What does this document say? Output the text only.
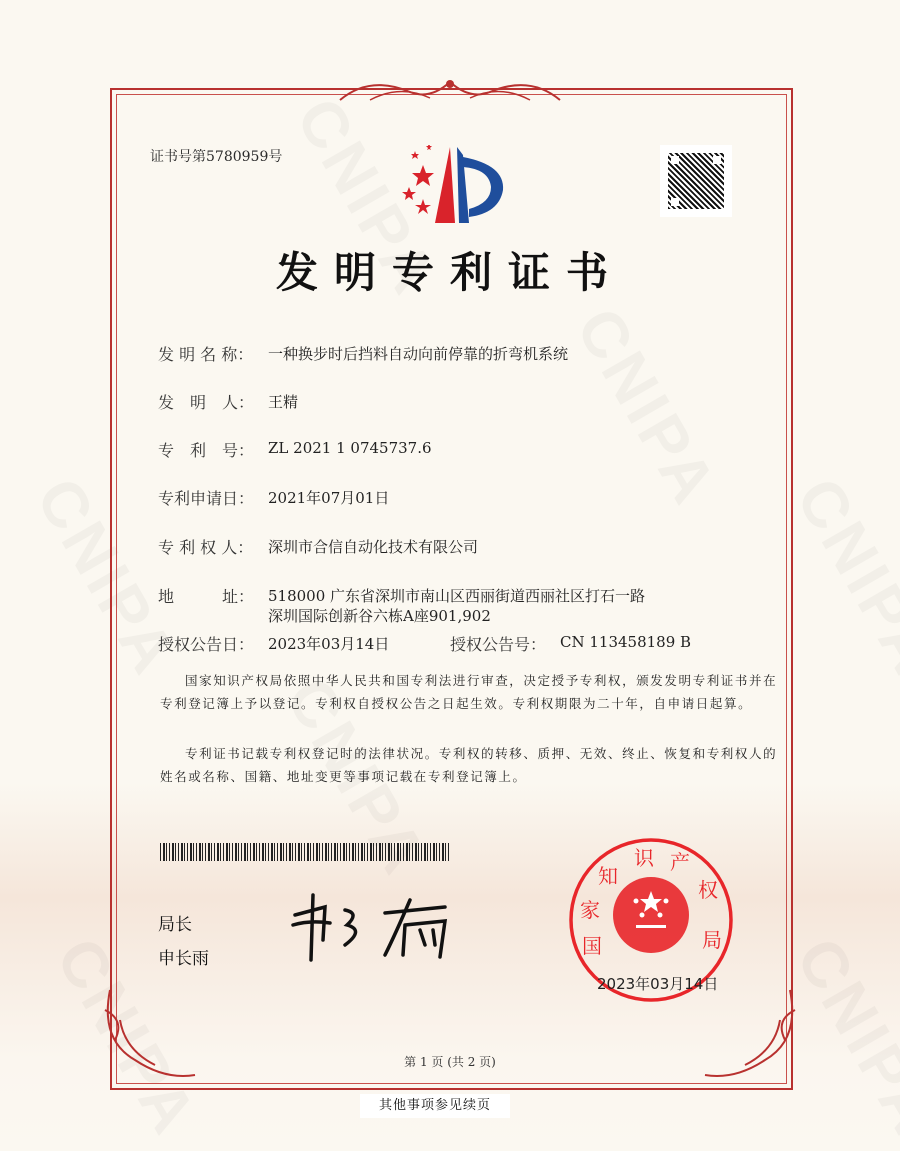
证书号第5780959号
发明专利证书
发 明 名 称： 一种换步时后挡料自动向前停靠的折弯机系统
发　明　人： 王精
专　利　号： ZL 2021 1 0745737.6
专利申请日： 2021年07月01日
专 利 权 人： 深圳市合信自动化技术有限公司
地　　　址： 518000 广东省深圳市南山区西丽街道西丽社区打石一路
深圳国际创新谷六栋A座901,902
授权公告日： 2023年03月14日	授权公告号： CN 113458189 B
国家知识产权局依照中华人民共和国专利法进行审查，决定授予专利权，颁发发明专利证书并在专利登记簿上予以登记。专利权自授权公告之日起生效。专利权期限为二十年，自申请日起算。
专利证书记载专利权登记时的法律状况。专利权的转移、质押、无效、终止、恢复和专利权人的姓名或名称、国籍、地址变更等事项记载在专利登记簿上。
局长
申长雨
国家知识产权局
2023年03月14日
第 1 页 (共 2 页)
其他事项参见续页
